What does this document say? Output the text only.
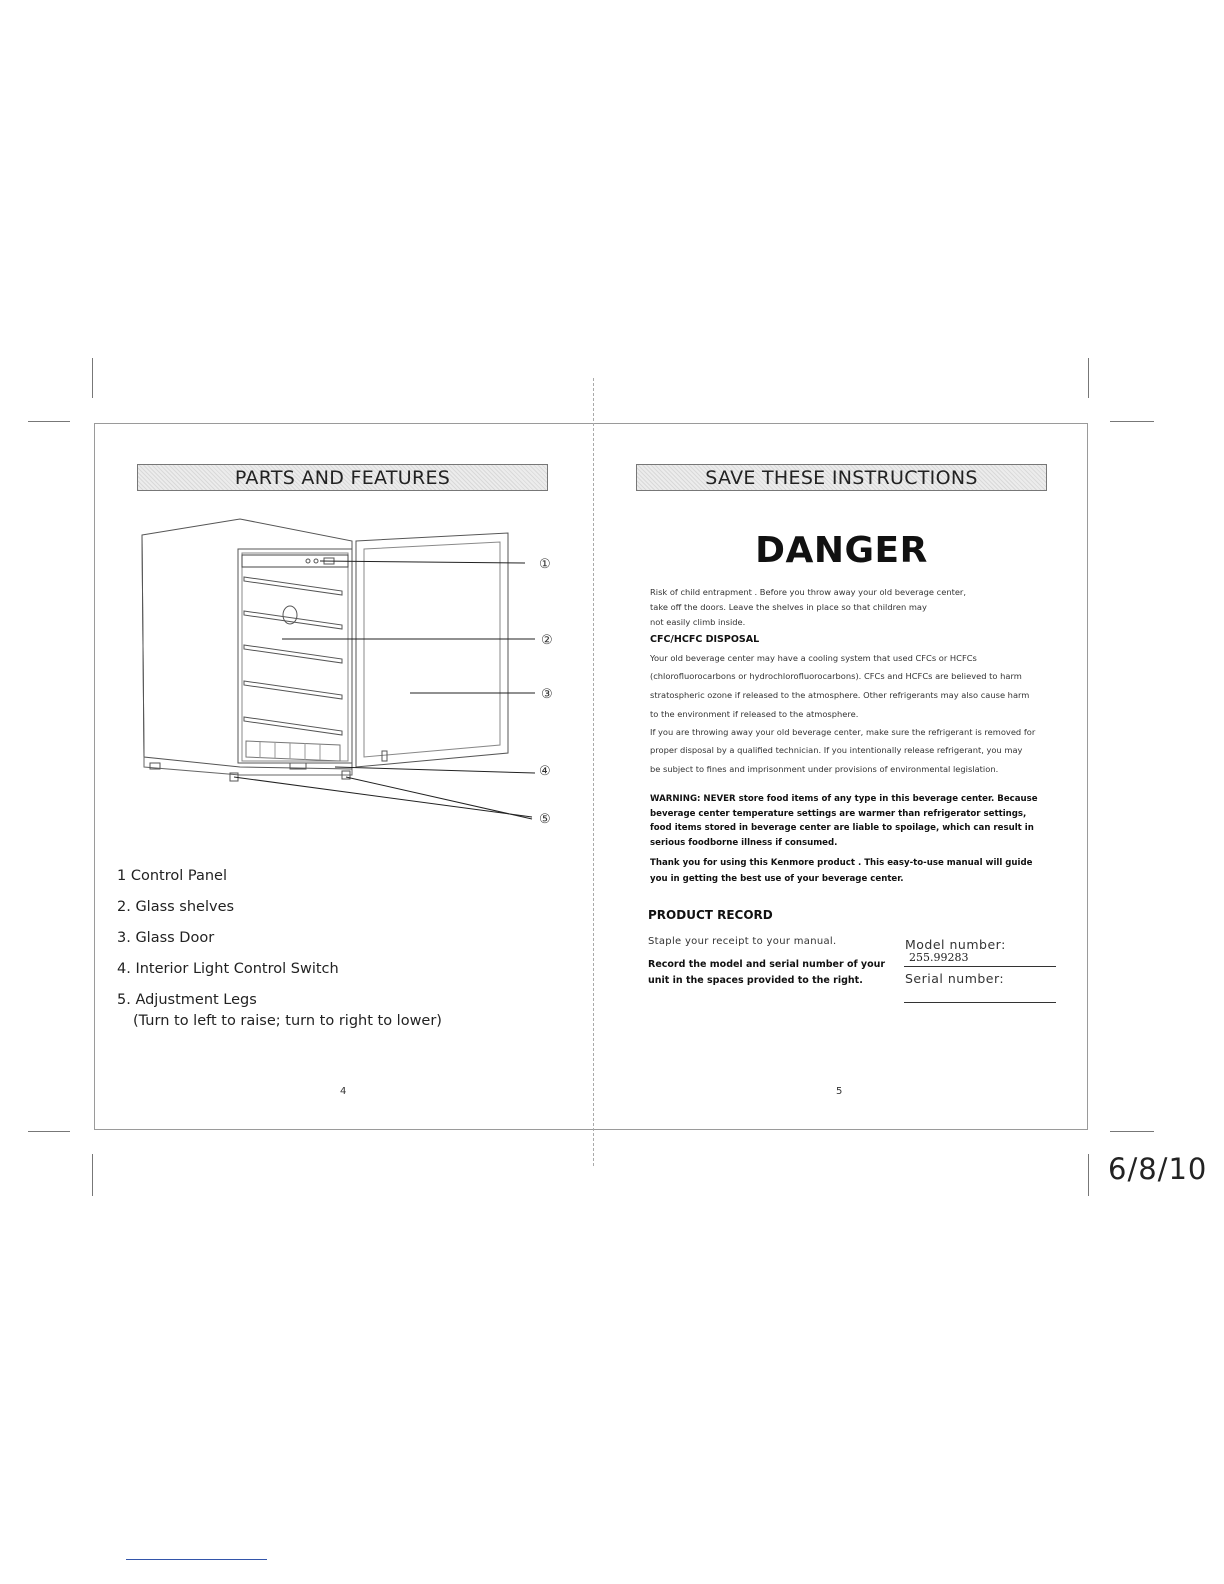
PARTS AND FEATURES
①
②
③
④
⑤
1 Control Panel
2. Glass shelves
3. Glass Door
4. Interior Light Control Switch
5. Adjustment Legs
(Turn to left to raise; turn to right to lower)
4
SAVE THESE INSTRUCTIONS
DANGER
Risk of child entrapment . Before you throw away your old beverage center,
take off the doors. Leave the shelves in place so that children may
not easily climb inside.
CFC/HCFC DISPOSAL
Your old beverage center may have a cooling system that used CFCs or HCFCs
(chlorofluorocarbons or hydrochlorofluorocarbons). CFCs and HCFCs are believed to harm
stratospheric ozone if released to the atmosphere. Other refrigerants may also cause harm
to the environment if released to the atmosphere.
If you are throwing away your old beverage center, make sure the refrigerant is removed for
proper disposal by a qualified technician. If you intentionally release refrigerant, you may
be subject to fines and imprisonment under provisions of environmental legislation.
WARNING: NEVER store food items of any type in this beverage center. Because beverage center temperature settings are warmer than refrigerator settings, food items stored in beverage center are liable to spoilage, which can result in serious foodborne illness if consumed.
Thank you for using this Kenmore product . This easy-to-use manual will guide you in getting the best use of your beverage center.
PRODUCT RECORD
Staple your receipt to your manual.
Record the model and serial number of your unit in the spaces provided to the right.
Model number:
255.99283
Serial number:
5
6/8/10
